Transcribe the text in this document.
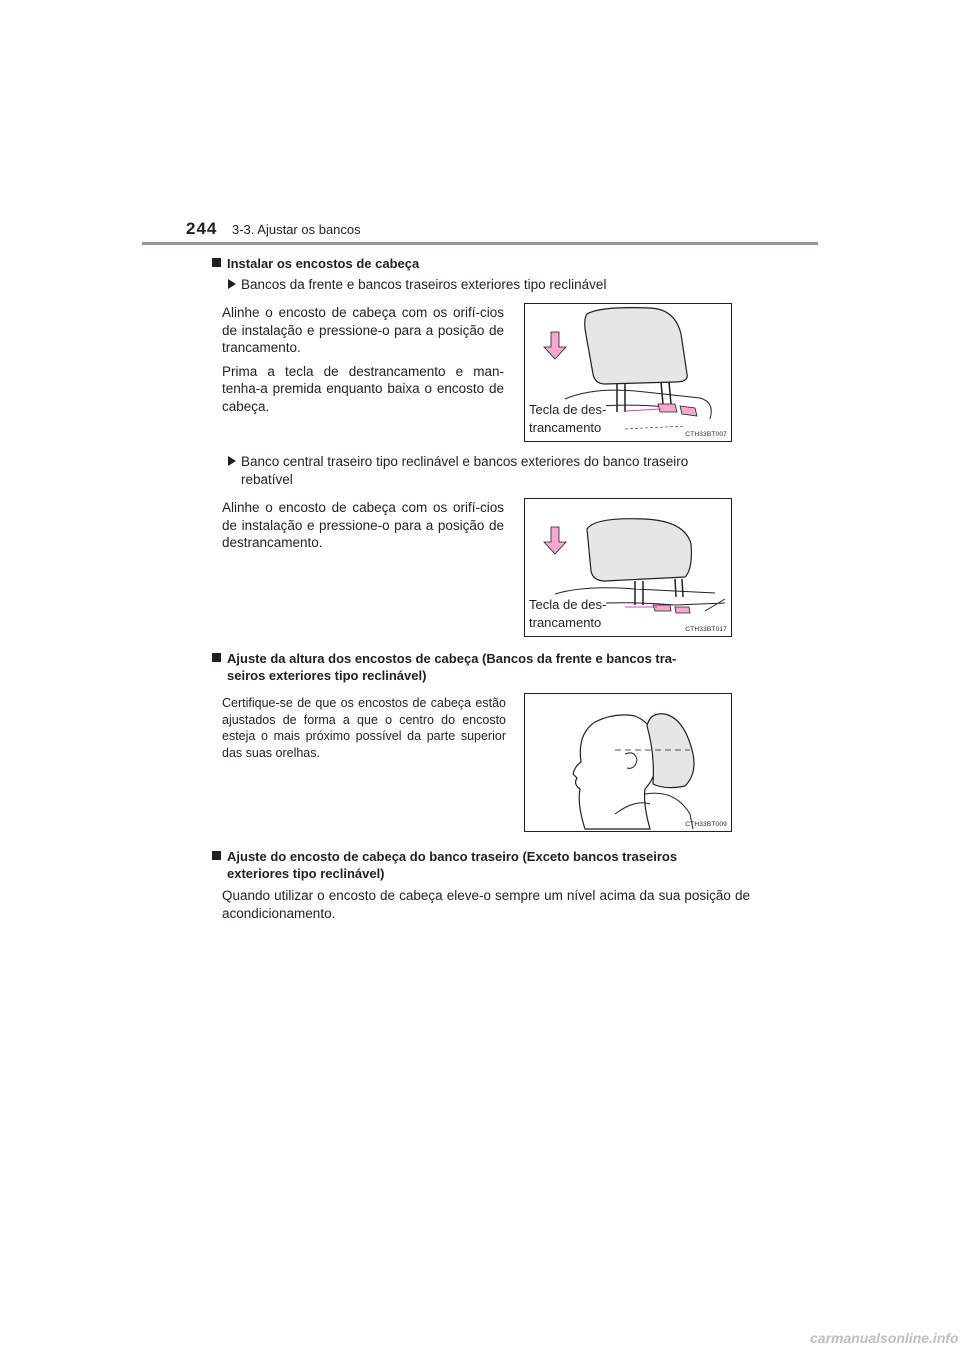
244 3-3. Ajustar os bancos
Instalar os encostos de cabeça
Bancos da frente e bancos traseiros exteriores tipo reclinável

Alinhe o encosto de cabeça com os orifí-cios de instalação e pressione-o para a posição de trancamento.

Prima a tecla de destrancamento e man-tenha-a premida enquanto baixa o encosto de cabeça.	Tecla de des-
trancamento	CTH33BT007
Banco central traseiro tipo reclinável e bancos exteriores do banco traseiro
rebatível

Alinhe o encosto de cabeça com os orifí-cios de instalação e pressione-o para a posição de destrancamento.

Tecla de des-
trancamento	CTH33BT017
Ajuste da altura dos encostos de cabeça (Bancos da frente e bancos tra-
seiros exteriores tipo reclinável)
Certifique-se de que os encostos de cabeça estão ajustados de forma a que o centro do encosto esteja o mais próximo possível da parte superior das suas orelhas.
CTH33BT009
Ajuste do encosto de cabeça do banco traseiro (Exceto bancos traseiros
exteriores tipo reclinável)
Quando utilizar o encosto de cabeça eleve-o sempre um nível acima da sua posição de acondicionamento.
carmanualsonline.info
